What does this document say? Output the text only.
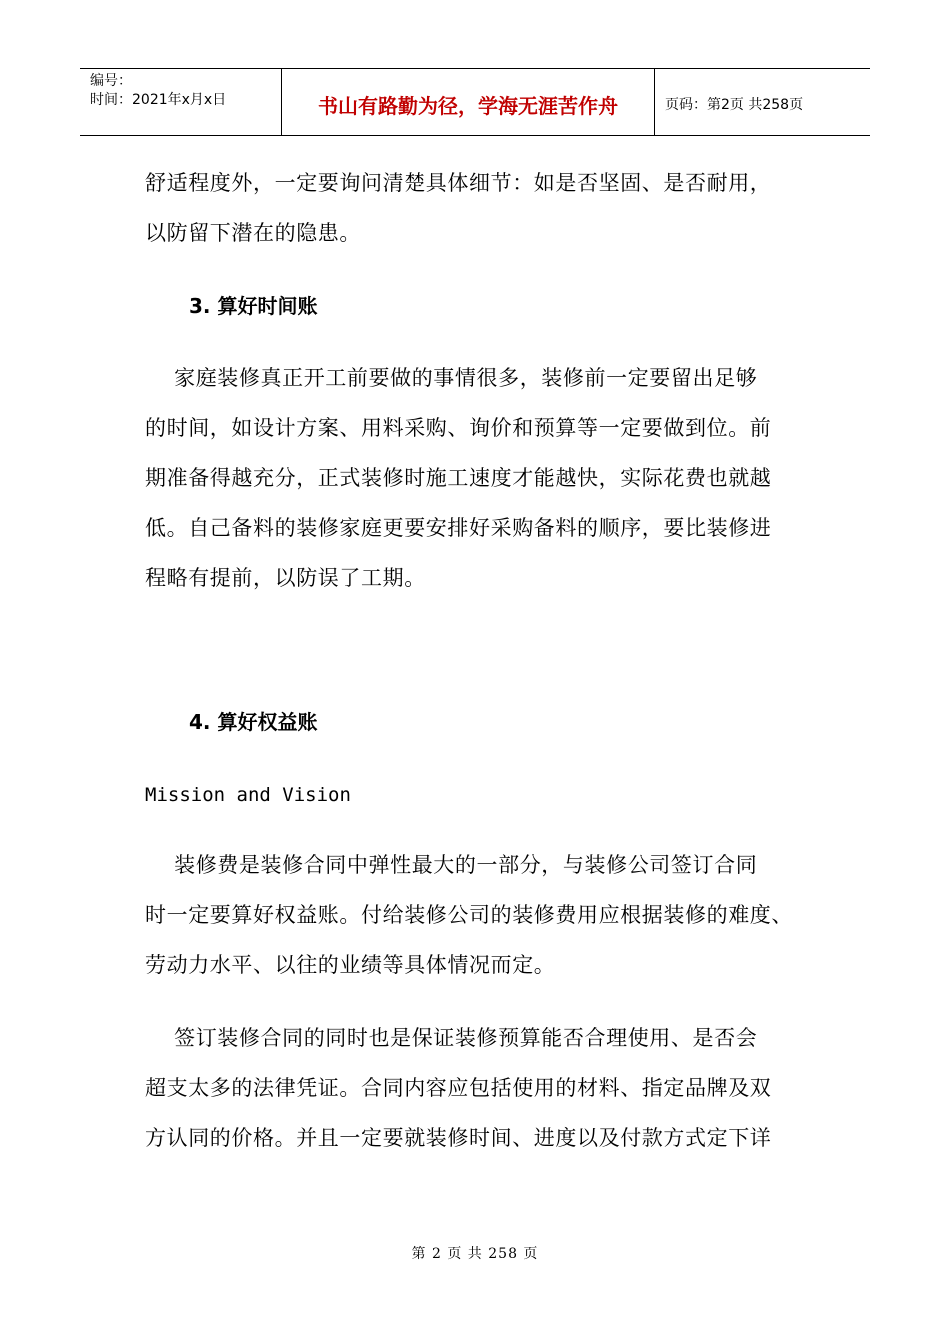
编号：
时间：2021年x月x日	书山有路勤为径，学海无涯苦作舟	页码：第2页 共258页
舒适程度外，一定要询问清楚具体细节：如是否坚固、是否耐用，
以防留下潜在的隐患。
3. 算好时间账
家庭装修真正开工前要做的事情很多，装修前一定要留出足够
的时间，如设计方案、用料采购、询价和预算等一定要做到位。前
期准备得越充分，正式装修时施工速度才能越快，实际花费也就越
低。自己备料的装修家庭更要安排好采购备料的顺序，要比装修进
程略有提前，以防误了工期。
4. 算好权益账
Mission and Vision
装修费是装修合同中弹性最大的一部分，与装修公司签订合同
时一定要算好权益账。付给装修公司的装修费用应根据装修的难度、
劳动力水平、以往的业绩等具体情况而定。
签订装修合同的同时也是保证装修预算能否合理使用、是否会
超支太多的法律凭证。合同内容应包括使用的材料、指定品牌及双
方认同的价格。并且一定要就装修时间、进度以及付款方式定下详
第 2 页 共 258 页
